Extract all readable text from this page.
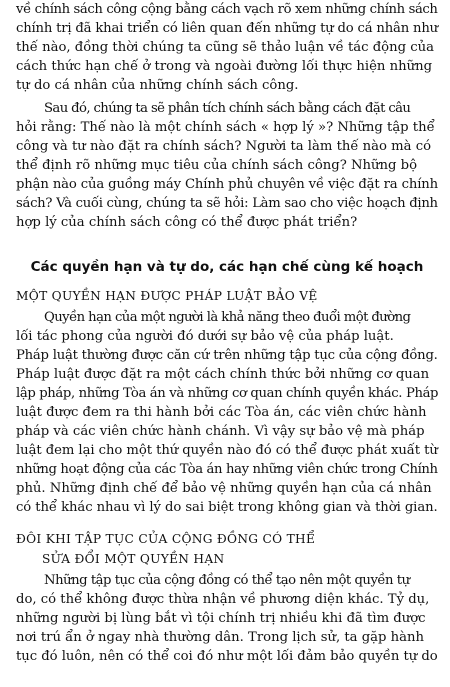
về chính sách công cộng bằng cách vạch rõ xem những chính sách
chính trị đã khai triển có liên quan đến những tự do cá nhân như
thế nào, đồng thời chúng ta cũng sẽ thảo luận về tác động của
cách thức hạn chế ở trong và ngoài đường lối thực hiện những
tự do cá nhân của những chính sách công.
Sau đó, chúng ta sẽ phân tích chính sách bằng cách đặt câu
hỏi rằng: Thế nào là một chính sách « hợp lý »? Những tập thể
công và tư nào đặt ra chính sách? Người ta làm thế nào mà có
thể định rõ những mục tiêu của chính sách công? Những bộ
phận nào của guồng máy Chính phủ chuyên về việc đặt ra chính
sách? Và cuối cùng, chúng ta sẽ hỏi: Làm sao cho việc hoạch định
hợp lý của chính sách công có thể được phát triển?
Các quyền hạn và tự do, các hạn chế cùng kế hoạch
MỘT QUYỀN HẠN ĐƯỢC PHÁP LUẬT BẢO VỆ
Quyền hạn của một người là khả năng theo đuổi một đường
lối tác phong của người đó dưới sự bảo vệ của pháp luật.
Pháp luật thường được căn cứ trên những tập tục của cộng đồng.
Pháp luật được đặt ra một cách chính thức bởi những cơ quan
lập pháp, những Tòa án và những cơ quan chính quyền khác. Pháp
luật được đem ra thi hành bởi các Tòa án, các viên chức hành
pháp và các viên chức hành chánh. Vì vậy sự bảo vệ mà pháp
luật đem lại cho một thứ quyền nào đó có thể được phát xuất từ
những hoạt động của các Tòa án hay những viên chức trong Chính
phủ. Những định chế để bảo vệ những quyền hạn của cá nhân
có thể khác nhau vì lý do sai biệt trong không gian và thời gian.
ĐÔI KHI TẬP TỤC CỦA CỘNG ĐỒNG CÓ THỂ
SỬA ĐỔI MỘT QUYỀN HẠN
Những tập tục của cộng đồng có thể tạo nên một quyền tự
do, có thể không được thừa nhận về phương diện khác. Tỷ dụ,
những người bị lùng bắt vì tội chính trị nhiều khi đã tìm được
nơi trú ẩn ở ngay nhà thường dân. Trong lịch sử, ta gặp hành
tục đó luôn, nên có thể coi đó như một lối đảm bảo quyền tự do
